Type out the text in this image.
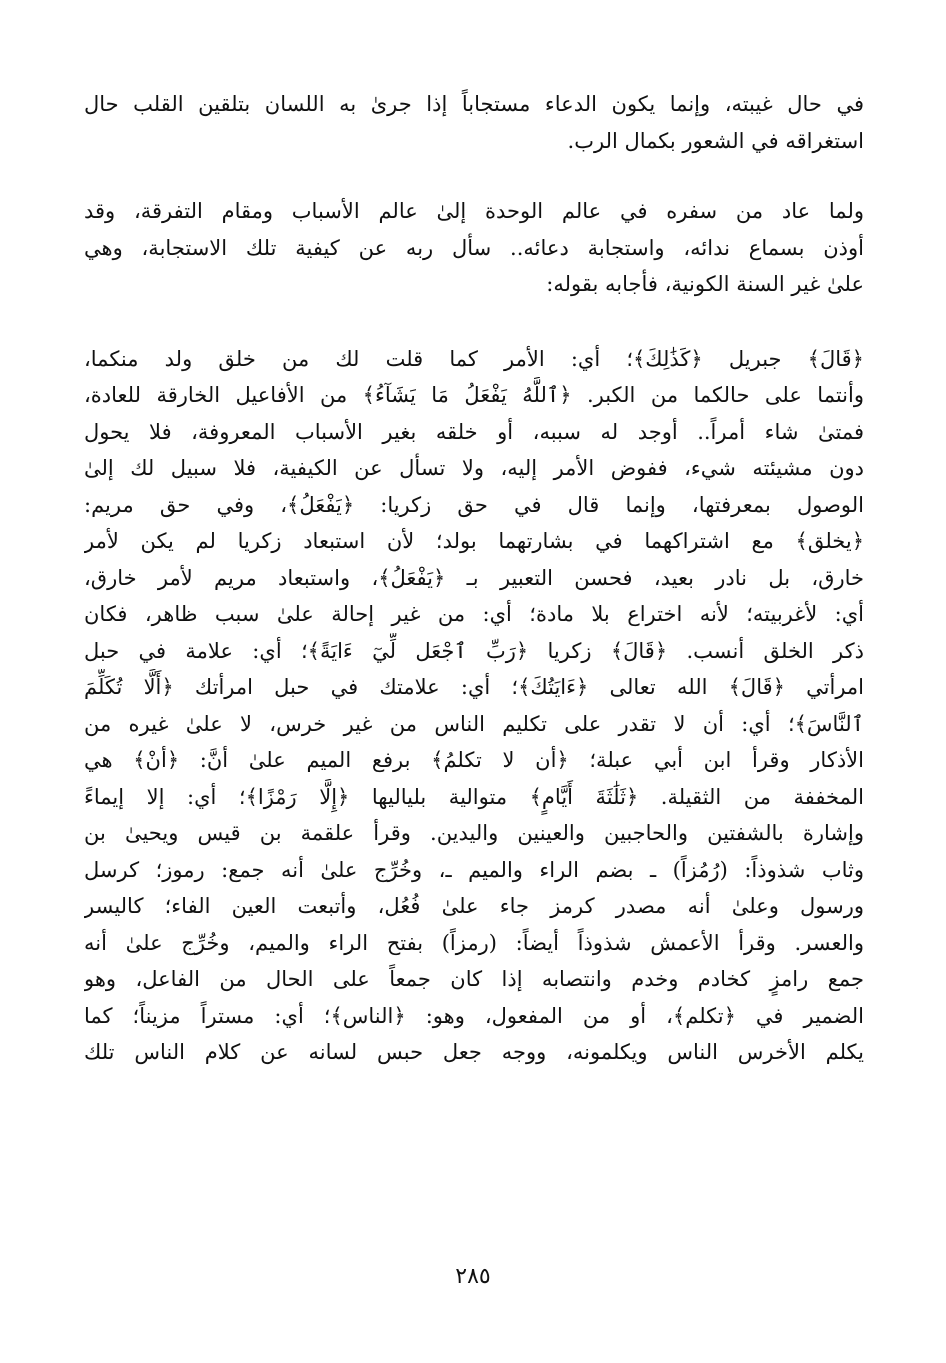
في حال غيبته، وإنما يكون الدعاء مستجاباً إذا جرىٰ به اللسان بتلقين القلب حال
استغراقه في الشعور بكمال الرب.
ولما عاد من سفره في عالم الوحدة إلىٰ عالم الأسباب ومقام التفرقة، وقد
أوذن بسماع ندائه، واستجابة دعائه.. سأل ربه عن كيفية تلك الاستجابة، وهي
علىٰ غير السنة الكونية، فأجابه بقوله:
﴿قَالَ﴾ جبريل ﴿كَذَٰلِكَ﴾؛ أي: الأمر كما قلت لك من خلق ولد منكما،
وأنتما على حالكما من الكبر. ﴿ٱللَّهُ يَفْعَلُ مَا يَشَآءُ﴾ من الأفاعيل الخارقة للعادة،
فمتىٰ شاء أمراً.. أوجد له سببه، أو خلقه بغير الأسباب المعروفة، فلا يحول
دون مشيئته شيء، ففوض الأمر إليه، ولا تسأل عن الكيفية، فلا سبيل لك إلىٰ
الوصول بمعرفتها، وإنما قال في حق زكريا: ﴿يَفْعَلُ﴾، وفي حق مريم:
﴿يخلق﴾ مع اشتراكهما في بشارتهما بولد؛ لأن استبعاد زكريا لم يكن لأمر
خارق، بل نادر بعيد، فحسن التعبير بـ ﴿يَفْعَلُ﴾، واستبعاد مريم لأمر خارق،
أي: لأغربيته؛ لأنه اختراع بلا مادة؛ أي: من غير إحالة علىٰ سبب ظاهر، فكان
ذكر الخلق أنسب. ﴿قَالَ﴾ زكريا ﴿رَبِّ ٱجْعَل لِّيٓ ءَايَةً﴾؛ أي: علامة في حبل
امرأتي ﴿قَالَ﴾ الله تعالى ﴿ءَايَتُكَ﴾؛ أي: علامتك في حبل امرأتك ﴿أَلَّا تُكَلِّمَ
ٱلنَّاسَ﴾؛ أي: أن لا تقدر على تكليم الناس من غير خرس، لا علىٰ غيره من
الأذكار وقرأ ابن أبي عبلة؛ ﴿أن لا تكلمُ﴾ برفع الميم علىٰ أنَّ: ﴿أنْ﴾ هي
المخففة من الثقيلة. ﴿ثَلَٰثَةَ أَيَّامٍ﴾ متوالية بلياليها ﴿إِلَّا رَمْزًا﴾؛ أي: إلا إيماءً
وإشارة بالشفتين والحاجبين والعينين واليدين. وقرأ علقمة بن قيس ويحيىٰ بن
وثاب شذوذاً: (رُمُزاً) ـ بضم الراء والميم ـ، وخُرِّج علىٰ أنه جمع: رموز؛ كرسل
ورسول وعلىٰ أنه مصدر كرمز جاء علىٰ فُعُل، وأتبعت العين الفاء؛ كاليسر
والعسر. وقرأ الأعمش شذوذاً أيضاً: (رمزاً) بفتح الراء والميم، وخُرِّج علىٰ أنه
جمع رامزٍ كخادم وخدم وانتصابه إذا كان جمعاً على الحال من الفاعل، وهو
الضمير في ﴿تكلم﴾، أو من المفعول، وهو: ﴿الناس﴾؛ أي: مستراً مزيناً؛ كما
يكلم الأخرس الناس ويكلمونه، ووجه جعل حبس لسانه عن كلام الناس تلك
٢٨٥
